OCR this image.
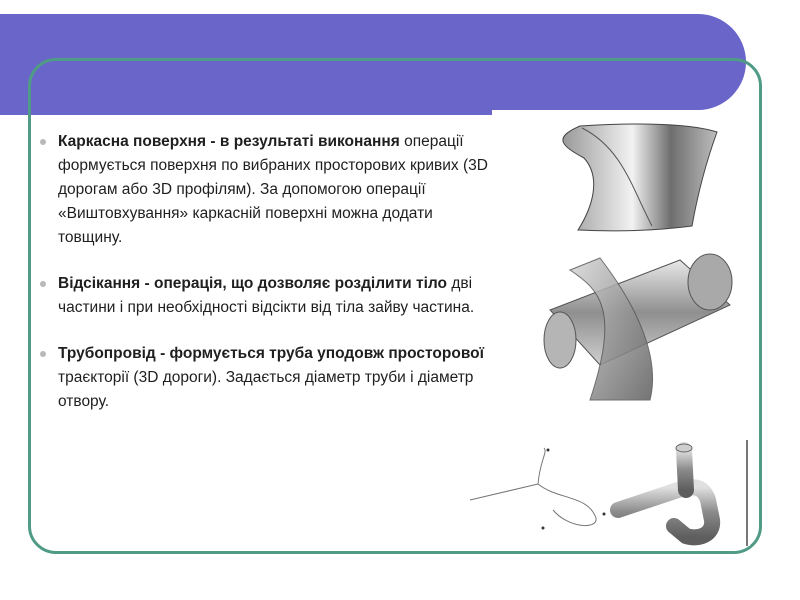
Каркасна поверхня - в результаті виконання операції формується поверхня по вибраних просторових кривих (3D дорогам або 3D профілям). За допомогою операції «Виштовхування» каркасній поверхні можна додати товщину.
Відсікання - операція, що дозволяє розділити тіло дві частини і при необхідності відсікти від тіла зайву частина.
Трубопровід - формується труба уподовж просторової траєкторії (3D дороги). Задається діаметр труби і діаметр отвору.
